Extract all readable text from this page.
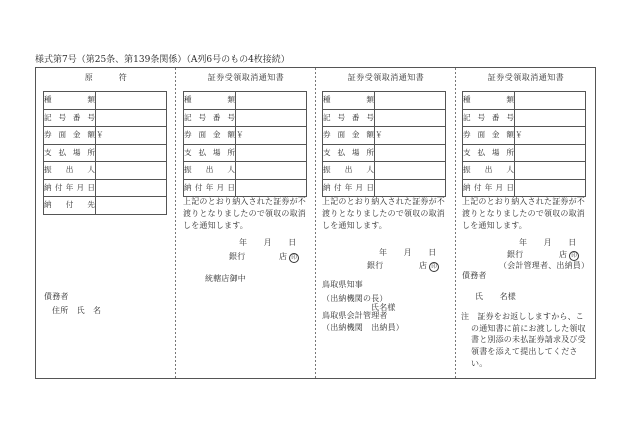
様式第7号（第25条、第139条関係）（A列6号のもの4枚接続）
原　　　符
種　　類	
記 号 番 号	
券 面 金 額	￥
支 払 場 所	
振　出　人	
納付年月日	
納　付　先	
債務者
住所　氏　名
証券受領取消通知書
種　　類	
記 号 番 号	
券 面 金 額	￥
支 払 場 所	
振　出　人	
納付年月日	
上記のとおり納入された証券が不
渡りとなりましたので領収の取消
しを通知します。
年　　月　　日
銀行	店 印
統轄店御中
証券受領取消通知書
種　　類	
記 号 番 号	
券 面 金 額	￥
支 払 場 所	
振　出　人	
納付年月日	
上記のとおり納入された証券が不
渡りとなりましたので領収の取消
しを通知します。
年　　月　　日
銀行	店 印
鳥取県知事
（出納機関の長）
氏名様
鳥取県会計管理者
（出納機関　出納員）
証券受領取消通知書
種　　類	
記 号 番 号	
券 面 金 額	￥
支 払 場 所	
振　出　人	
納付年月日	
上記のとおり納入された証券が不
渡りとなりましたので領収の取消
しを通知します。
年　　月　　日
銀行	店 印
（会計管理者、出納員）
債務者
氏　　名様
注　証券をお返ししますから、こ
の通知書に前にお渡しした領収
書と別添の未払証券請求及び受
領書を添えて提出してくださ
い。
